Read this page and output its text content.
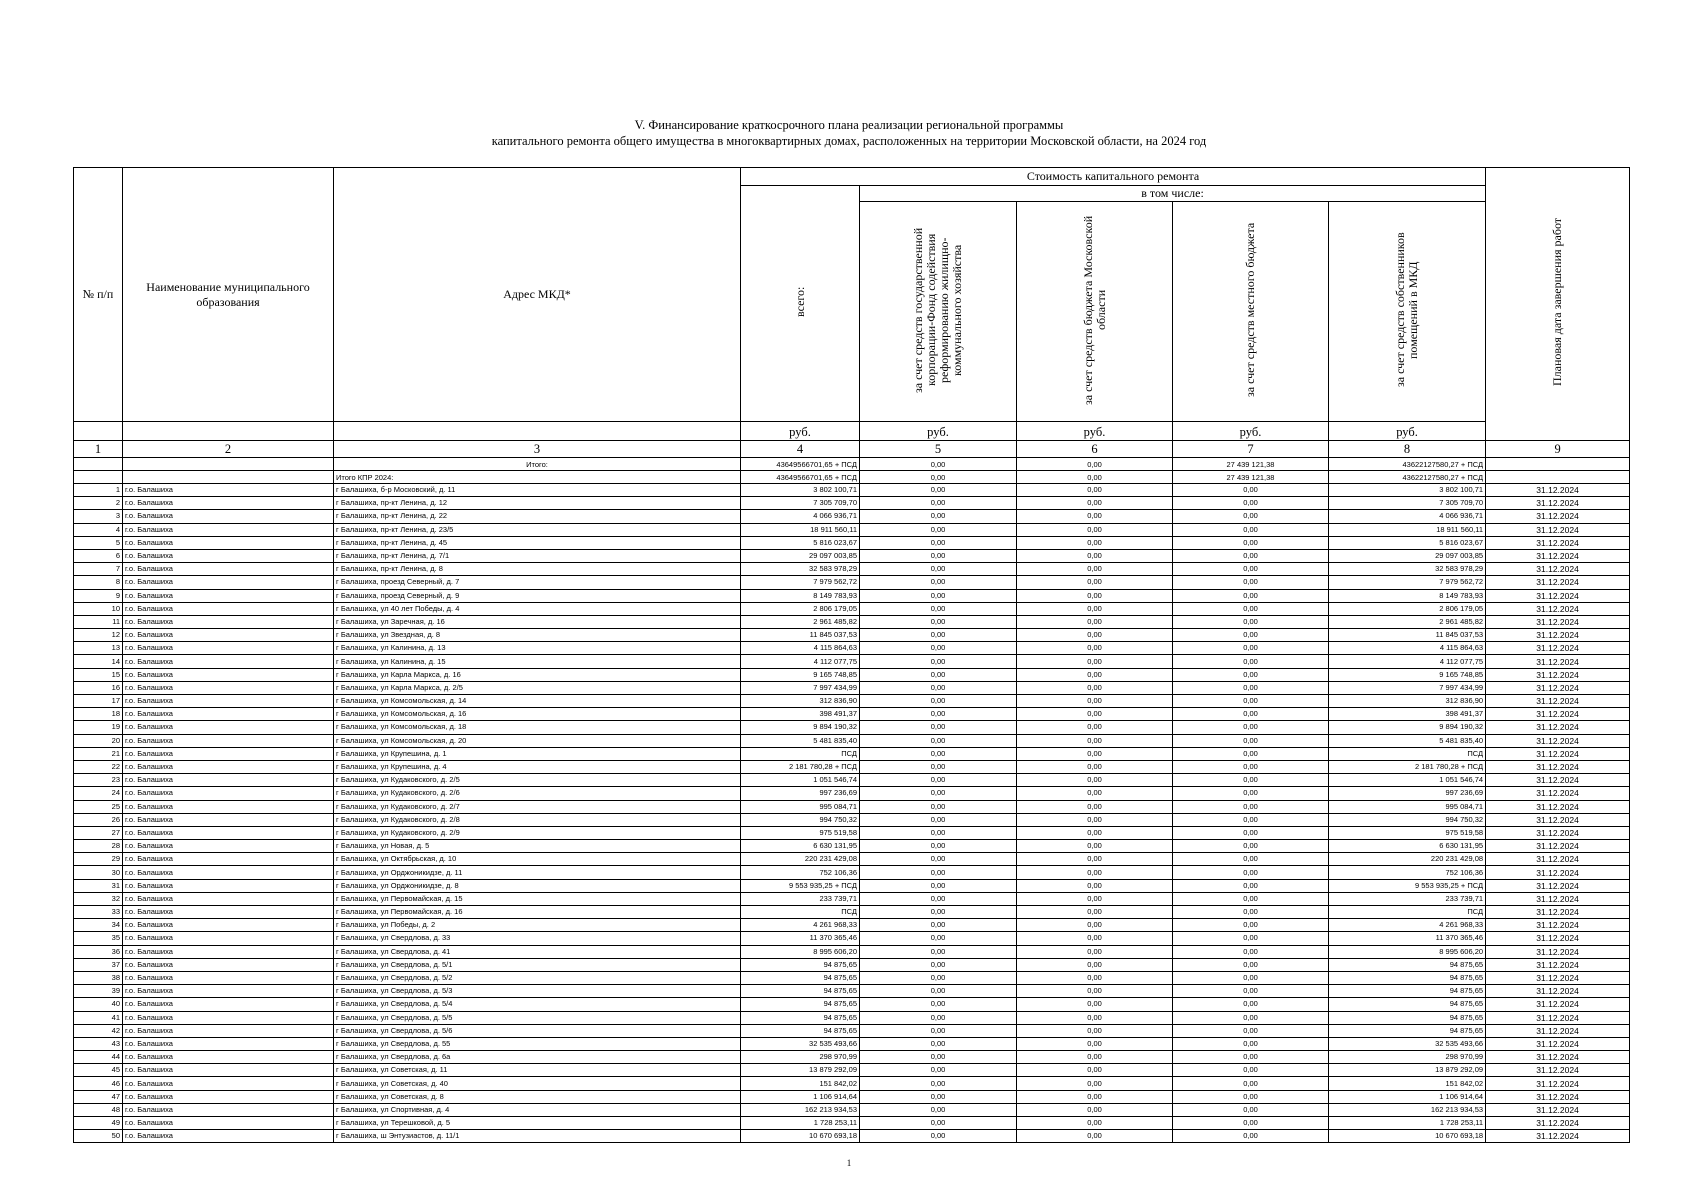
V. Финансирование краткосрочного плана реализации региональной программы
капитального ремонта общего имущества в многоквартирных домах, расположенных на территории Московской области, на 2024 год
№ п/п	Наименование муниципального образования	Адрес МКД*	Стоимость капитального ремонта					Плановая дата завершения работ
			всего:	в том числе:				
				за счет средств государственной корпорации-Фонд содействия реформированию жилищно-коммунального хозяйства	за счет средств бюджета Московской области	за счет средств местного бюджета	за счет средств собственников помещений в МКД	
			руб.	руб.	руб.	руб.	руб.	
1	2	3	4	5	6	7	8	9
		Итого:	43649566701,65 + ПСД	0,00	0,00	27 439 121,38	43622127580,27 + ПСД	
		Итого КПР 2024:	43649566701,65 + ПСД	0,00	0,00	27 439 121,38	43622127580,27 + ПСД	
1	г.о. Балашиха	г Балашиха, б-р Московский, д. 11	3 802 100,71	0,00	0,00	0,00	3 802 100,71	31.12.2024
2	г.о. Балашиха	г Балашиха, пр-кт Ленина, д. 12	7 305 709,70	0,00	0,00	0,00	7 305 709,70	31.12.2024
3	г.о. Балашиха	г Балашиха, пр-кт Ленина, д. 22	4 066 936,71	0,00	0,00	0,00	4 066 936,71	31.12.2024
4	г.о. Балашиха	г Балашиха, пр-кт Ленина, д. 23/5	18 911 560,11	0,00	0,00	0,00	18 911 560,11	31.12.2024
5	г.о. Балашиха	г Балашиха, пр-кт Ленина, д. 45	5 816 023,67	0,00	0,00	0,00	5 816 023,67	31.12.2024
6	г.о. Балашиха	г Балашиха, пр-кт Ленина, д. 7/1	29 097 003,85	0,00	0,00	0,00	29 097 003,85	31.12.2024
7	г.о. Балашиха	г Балашиха, пр-кт Ленина, д. 8	32 583 978,29	0,00	0,00	0,00	32 583 978,29	31.12.2024
8	г.о. Балашиха	г Балашиха, проезд Северный, д. 7	7 979 562,72	0,00	0,00	0,00	7 979 562,72	31.12.2024
9	г.о. Балашиха	г Балашиха, проезд Северный, д. 9	8 149 783,93	0,00	0,00	0,00	8 149 783,93	31.12.2024
10	г.о. Балашиха	г Балашиха, ул 40 лет Победы, д. 4	2 806 179,05	0,00	0,00	0,00	2 806 179,05	31.12.2024
11	г.о. Балашиха	г Балашиха, ул Заречная, д. 16	2 961 485,82	0,00	0,00	0,00	2 961 485,82	31.12.2024
12	г.о. Балашиха	г Балашиха, ул Звездная, д. 8	11 845 037,53	0,00	0,00	0,00	11 845 037,53	31.12.2024
13	г.о. Балашиха	г Балашиха, ул Калинина, д. 13	4 115 864,63	0,00	0,00	0,00	4 115 864,63	31.12.2024
14	г.о. Балашиха	г Балашиха, ул Калинина, д. 15	4 112 077,75	0,00	0,00	0,00	4 112 077,75	31.12.2024
15	г.о. Балашиха	г Балашиха, ул Карла Маркса, д. 16	9 165 748,85	0,00	0,00	0,00	9 165 748,85	31.12.2024
16	г.о. Балашиха	г Балашиха, ул Карла Маркса, д. 2/5	7 997 434,99	0,00	0,00	0,00	7 997 434,99	31.12.2024
17	г.о. Балашиха	г Балашиха, ул Комсомольская, д. 14	312 836,90	0,00	0,00	0,00	312 836,90	31.12.2024
18	г.о. Балашиха	г Балашиха, ул Комсомольская, д. 16	398 491,37	0,00	0,00	0,00	398 491,37	31.12.2024
19	г.о. Балашиха	г Балашиха, ул Комсомольская, д. 18	9 894 190,32	0,00	0,00	0,00	9 894 190,32	31.12.2024
20	г.о. Балашиха	г Балашиха, ул Комсомольская, д. 20	5 481 835,40	0,00	0,00	0,00	5 481 835,40	31.12.2024
21	г.о. Балашиха	г Балашиха, ул Крупешина, д. 1	ПСД	0,00	0,00	0,00	ПСД	31.12.2024
22	г.о. Балашиха	г Балашиха, ул Крупешина, д. 4	2 181 780,28 + ПСД	0,00	0,00	0,00	2 181 780,28 + ПСД	31.12.2024
23	г.о. Балашиха	г Балашиха, ул Кудаковского, д. 2/5	1 051 546,74	0,00	0,00	0,00	1 051 546,74	31.12.2024
24	г.о. Балашиха	г Балашиха, ул Кудаковского, д. 2/6	997 236,69	0,00	0,00	0,00	997 236,69	31.12.2024
25	г.о. Балашиха	г Балашиха, ул Кудаковского, д. 2/7	995 084,71	0,00	0,00	0,00	995 084,71	31.12.2024
26	г.о. Балашиха	г Балашиха, ул Кудаковского, д. 2/8	994 750,32	0,00	0,00	0,00	994 750,32	31.12.2024
27	г.о. Балашиха	г Балашиха, ул Кудаковского, д. 2/9	975 519,58	0,00	0,00	0,00	975 519,58	31.12.2024
28	г.о. Балашиха	г Балашиха, ул Новая, д. 5	6 630 131,95	0,00	0,00	0,00	6 630 131,95	31.12.2024
29	г.о. Балашиха	г Балашиха, ул Октябрьская, д. 10	220 231 429,08	0,00	0,00	0,00	220 231 429,08	31.12.2024
30	г.о. Балашиха	г Балашиха, ул Орджоникидзе, д. 11	752 106,36	0,00	0,00	0,00	752 106,36	31.12.2024
31	г.о. Балашиха	г Балашиха, ул Орджоникидзе, д. 8	9 553 935,25 + ПСД	0,00	0,00	0,00	9 553 935,25 + ПСД	31.12.2024
32	г.о. Балашиха	г Балашиха, ул Первомайская, д. 15	233 739,71	0,00	0,00	0,00	233 739,71	31.12.2024
33	г.о. Балашиха	г Балашиха, ул Первомайская, д. 16	ПСД	0,00	0,00	0,00	ПСД	31.12.2024
34	г.о. Балашиха	г Балашиха, ул Победы, д. 2	4 261 968,33	0,00	0,00	0,00	4 261 968,33	31.12.2024
35	г.о. Балашиха	г Балашиха, ул Свердлова, д. 33	11 370 365,46	0,00	0,00	0,00	11 370 365,46	31.12.2024
36	г.о. Балашиха	г Балашиха, ул Свердлова, д. 41	8 995 606,20	0,00	0,00	0,00	8 995 606,20	31.12.2024
37	г.о. Балашиха	г Балашиха, ул Свердлова, д. 5/1	94 875,65	0,00	0,00	0,00	94 875,65	31.12.2024
38	г.о. Балашиха	г Балашиха, ул Свердлова, д. 5/2	94 875,65	0,00	0,00	0,00	94 875,65	31.12.2024
39	г.о. Балашиха	г Балашиха, ул Свердлова, д. 5/3	94 875,65	0,00	0,00	0,00	94 875,65	31.12.2024
40	г.о. Балашиха	г Балашиха, ул Свердлова, д. 5/4	94 875,65	0,00	0,00	0,00	94 875,65	31.12.2024
41	г.о. Балашиха	г Балашиха, ул Свердлова, д. 5/5	94 875,65	0,00	0,00	0,00	94 875,65	31.12.2024
42	г.о. Балашиха	г Балашиха, ул Свердлова, д. 5/6	94 875,65	0,00	0,00	0,00	94 875,65	31.12.2024
43	г.о. Балашиха	г Балашиха, ул Свердлова, д. 55	32 535 493,66	0,00	0,00	0,00	32 535 493,66	31.12.2024
44	г.о. Балашиха	г Балашиха, ул Свердлова, д. 6а	298 970,99	0,00	0,00	0,00	298 970,99	31.12.2024
45	г.о. Балашиха	г Балашиха, ул Советская, д. 11	13 879 292,09	0,00	0,00	0,00	13 879 292,09	31.12.2024
46	г.о. Балашиха	г Балашиха, ул Советская, д. 40	151 842,02	0,00	0,00	0,00	151 842,02	31.12.2024
47	г.о. Балашиха	г Балашиха, ул Советская, д. 8	1 106 914,64	0,00	0,00	0,00	1 106 914,64	31.12.2024
48	г.о. Балашиха	г Балашиха, ул Спортивная, д. 4	162 213 934,53	0,00	0,00	0,00	162 213 934,53	31.12.2024
49	г.о. Балашиха	г Балашиха, ул Терешковой, д. 5	1 728 253,11	0,00	0,00	0,00	1 728 253,11	31.12.2024
50	г.о. Балашиха	г Балашиха, ш Энтузиастов, д. 11/1	10 670 693,18	0,00	0,00	0,00	10 670 693,18	31.12.2024
1
